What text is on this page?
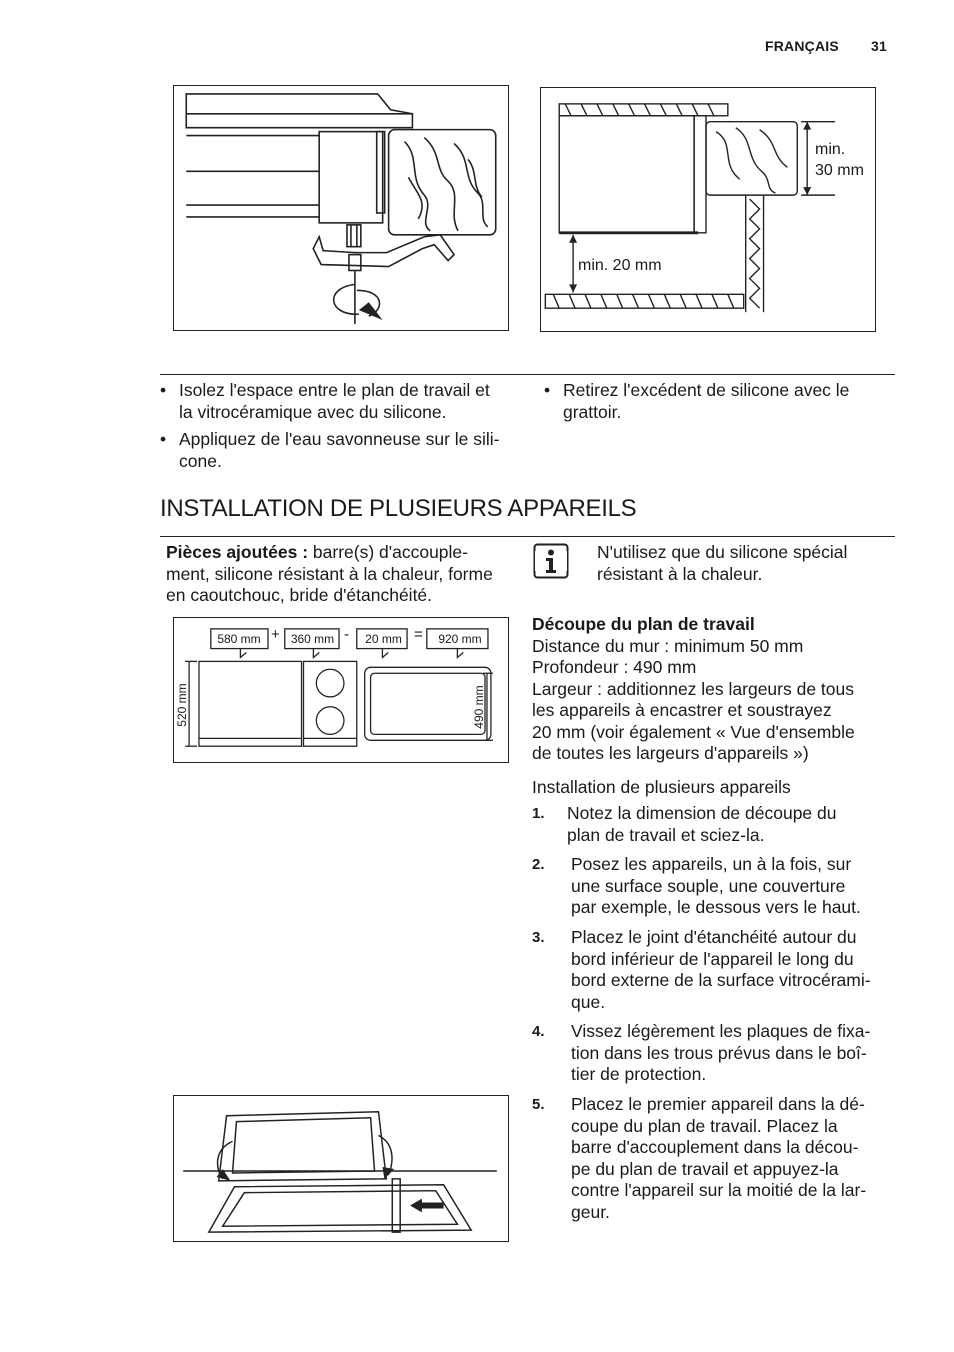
FRANÇAIS 31
min.
30 mm
min. 20 mm
• Isolez l'espace entre le plan de travail et
la vitrocéramique avec du silicone.
• Appliquez de l'eau savonneuse sur le sili-
cone.
• Retirez l'excédent de silicone avec le
grattoir.
INSTALLATION DE PLUSIEURS APPAREILS
Pièces ajoutées : barre(s) d'accouple-
ment, silicone résistant à la chaleur, forme
en caoutchouc, bride d'étanchéité.
N'utilisez que du silicone spécial
résistant à la chaleur.
580 mm + 360 mm -	20 mm =	920 mm
520 mm	490 mm
Découpe du plan de travail
Distance du mur : minimum 50 mm
Profondeur : 490 mm
Largeur : additionnez les largeurs de tous
les appareils à encastrer et soustrayez
20 mm (voir également « Vue d'ensemble
de toutes les largeurs d'appareils »)
Installation de plusieurs appareils
1. Notez la dimension de découpe du
plan de travail et sciez-la.
2. Posez les appareils, un à la fois, sur
une surface souple, une couverture
par exemple, le dessous vers le haut.
3. Placez le joint d'étanchéité autour du
bord inférieur de l'appareil le long du
bord externe de la surface vitrocérami-
que.
4. Vissez légèrement les plaques de fixa-
tion dans les trous prévus dans le boî-
tier de protection.
5. Placez le premier appareil dans la dé-
coupe du plan de travail. Placez la
barre d'accouplement dans la décou-
pe du plan de travail et appuyez-la
contre l'appareil sur la moitié de la lar-
geur.
